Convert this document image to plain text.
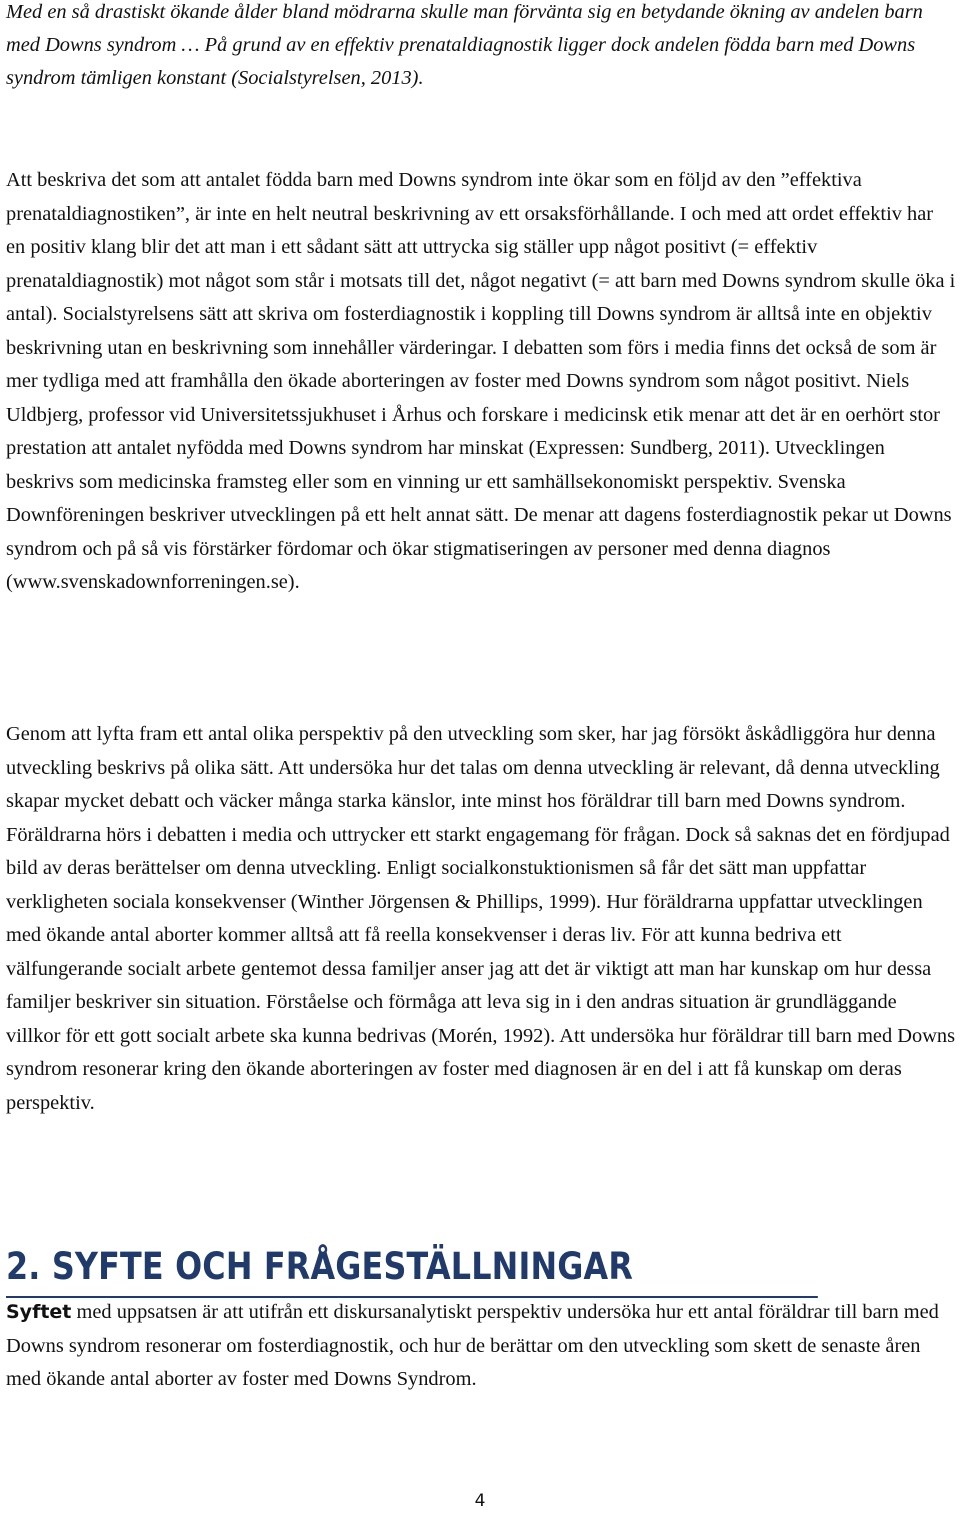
Med en så drastiskt ökande ålder bland mödrarna skulle man förvänta sig en betydande ökning av andelen barn med Downs syndrom … På grund av en effektiv prenataldiagnostik ligger dock andelen födda barn med Downs syndrom tämligen konstant (Socialstyrelsen, 2013).

Att beskriva det som att antalet födda barn med Downs syndrom inte ökar som en följd av den ”effektiva prenataldiagnostiken”, är inte en helt neutral beskrivning av ett orsaksförhållande. I och med att ordet effektiv har en positiv klang blir det att man i ett sådant sätt att uttrycka sig ställer upp något positivt (= effektiv prenataldiagnostik) mot något som står i motsats till det, något negativt (= att barn med Downs syndrom skulle öka i antal). Socialstyrelsens sätt att skriva om fosterdiagnostik i koppling till Downs syndrom är alltså inte en objektiv beskrivning utan en beskrivning som innehåller värderingar. I debatten som förs i media finns det också de som är mer tydliga med att framhålla den ökade aborteringen av foster med Downs syndrom som något positivt. Niels Uldbjerg, professor vid Universitetssjukhuset i Århus och forskare i medicinsk etik menar att det är en oerhört stor prestation att antalet nyfödda med Downs syndrom har minskat (Expressen: Sundberg, 2011). Utvecklingen beskrivs som medicinska framsteg eller som en vinning ur ett samhällsekonomiskt perspektiv. Svenska Downföreningen beskriver utvecklingen på ett helt annat sätt. De menar att dagens fosterdiagnostik pekar ut Downs syndrom och på så vis förstärker fördomar och ökar stigmatiseringen av personer med denna diagnos (www.svenskadownforreningen.se).

Genom att lyfta fram ett antal olika perspektiv på den utveckling som sker, har jag försökt åskådliggöra hur denna utveckling beskrivs på olika sätt. Att undersöka hur det talas om denna utveckling är relevant, då denna utveckling skapar mycket debatt och väcker många starka känslor, inte minst hos föräldrar till barn med Downs syndrom. Föräldrarna hörs i debatten i media och uttrycker ett starkt engagemang för frågan. Dock så saknas det en fördjupad bild av deras berättelser om denna utveckling. Enligt socialkonstuktionismen så får det sätt man uppfattar verkligheten sociala konsekvenser (Winther Jörgensen & Phillips, 1999). Hur föräldrarna uppfattar utvecklingen med ökande antal aborter kommer alltså att få reella konsekvenser i deras liv. För att kunna bedriva ett välfungerande socialt arbete gentemot dessa familjer anser jag att det är viktigt att man har kunskap om hur dessa familjer beskriver sin situation. Förståelse och förmåga att leva sig in i den andras situation är grundläggande villkor för ett gott socialt arbete ska kunna bedrivas (Morén, 1992). Att undersöka hur föräldrar till barn med Downs syndrom resonerar kring den ökande aborteringen av foster med diagnosen är en del i att få kunskap om deras perspektiv.

2. SYFTE OCH FRÅGESTÄLLNINGAR

Syftet med uppsatsen är att utifrån ett diskursanalytiskt perspektiv undersöka hur ett antal föräldrar till barn med Downs syndrom resonerar om fosterdiagnostik, och hur de berättar om den utveckling som skett de senaste åren med ökande antal aborter av foster med Downs Syndrom.

4
